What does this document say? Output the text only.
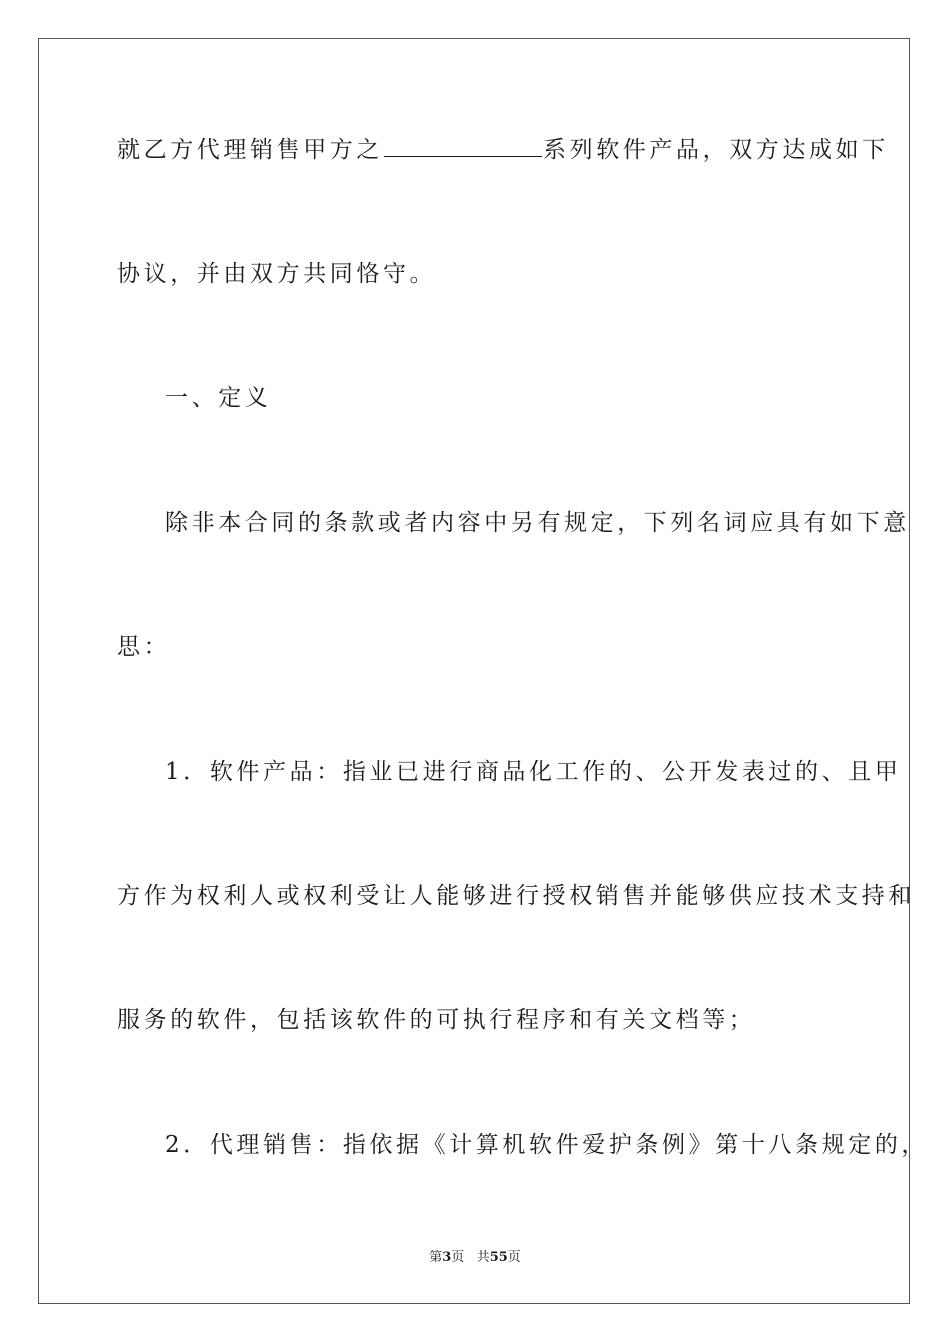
就乙方代理销售甲方之	系列软件产品，双方达成如下
协议，并由双方共同恪守。
一、定义
除非本合同的条款或者内容中另有规定，下列名词应具有如下意
思：
1．软件产品：指业已进行商品化工作的、公开发表过的、且甲
方作为权利人或权利受让人能够进行授权销售并能够供应技术支持和
服务的软件，包括该软件的可执行程序和有关文档等；
2．代理销售：指依据《计算机软件爱护条例》第十八条规定的，
第3页 共55页
